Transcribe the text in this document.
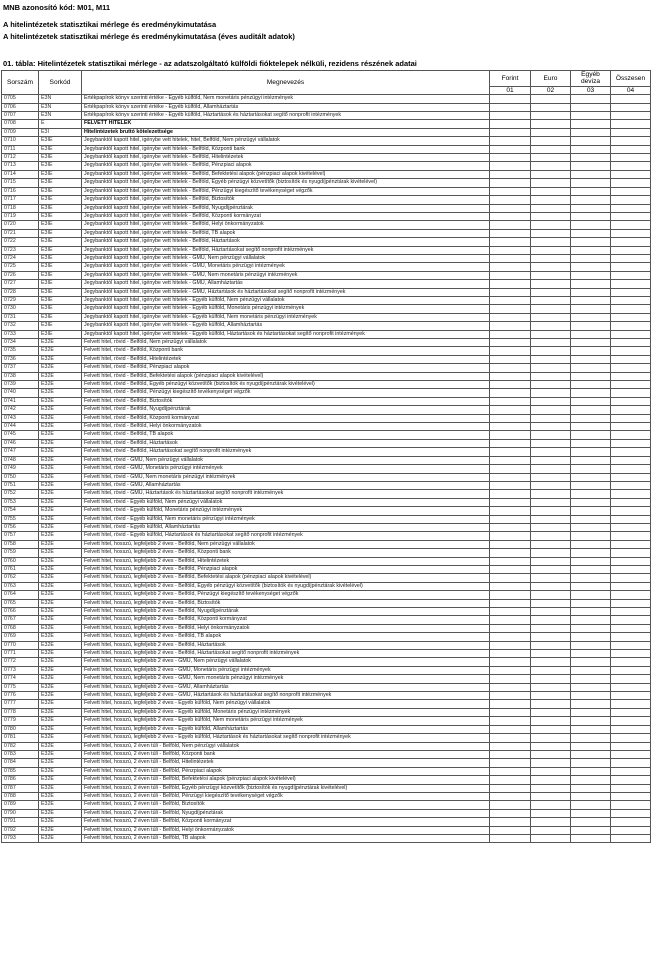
MNB azonosító kód: M01, M11
A hitelintézetek statisztikai mérlege és eredménykimutatása
A hitelintézetek statisztikai mérlege és eredménykimutatása (éves auditált adatok)
01. tábla: Hitelintézetek statisztikai mérlege - az adatszolgáltató külföldi fióktelepek nélküli, rezidens részének adatai
Sorszám	Sorkód	Megnevezés	Forint	Euro	Egyéb deviza	Összesen
			01	02	03	04
0705	E3N	Értékpapírok könyv szerinti értéke - Egyéb külföld, Nem monetáris pénzügyi intézmények				
0706	E3N	Értékpapírok könyv szerinti értéke - Egyéb külföld, Államháztartás				
0707	E3N	Értékpapírok könyv szerinti értéke - Egyéb külföld, Háztartások és háztartásokat segítő nonprofit intézmények				
0708	E	FELVETT HITELEK				
0709	E3I	Hitelintézetek bruttó kötelezettsége				
0710	E3IE	Jegybanktól kapott hitel, igénybe vett hitelek, hitel, Belföld, Nem pénzügyi vállalatok				
0711	E3IE	Jegybanktól kapott hitel, igénybe vett hitelek - Belföld, Központi bank				
0712	E3IE	Jegybanktól kapott hitel, igénybe vett hitelek - Belföld, Hitelintézetek				
0713	E3IE	Jegybanktól kapott hitel, igénybe vett hitelek - Belföld, Pénzpiaci alapok				
0714	E3IE	Jegybanktól kapott hitel, igénybe vett hitelek - Belföld, Befektetési alapok (pénzpiaci alapok kivételével)				
0715	E3IE	Jegybanktól kapott hitel, igénybe vett hitelek - Belföld, Egyéb pénzügyi közvetítők (biztosítók és nyugdíjpénztárak kivételével)				
0716	E3IE	Jegybanktól kapott hitel, igénybe vett hitelek - Belföld, Pénzügyi kiegészítő tevékenységet végzők				
0717	E3IE	Jegybanktól kapott hitel, igénybe vett hitelek - Belföld, Biztosítók				
0718	E3IE	Jegybanktól kapott hitel, igénybe vett hitelek - Belföld, Nyugdíjpénztárak				
0719	E3IE	Jegybanktól kapott hitel, igénybe vett hitelek - Belföld, Központi kormányzat				
0720	E3IE	Jegybanktól kapott hitel, igénybe vett hitelek - Belföld, Helyi önkormányzatok				
0721	E3IE	Jegybanktól kapott hitel, igénybe vett hitelek - Belföld, TB alapok				
0722	E3IE	Jegybanktól kapott hitel, igénybe vett hitelek - Belföld, Háztartások				
0723	E3IE	Jegybanktól kapott hitel, igénybe vett hitelek - Belföld, Háztartásokat segítő nonprofit intézmények				
0724	E3IE	Jegybanktól kapott hitel, igénybe vett hitelek - GMU, Nem pénzügyi vállalatok				
0725	E3IE	Jegybanktól kapott hitel, igénybe vett hitelek - GMU, Monetáris pénzügyi intézmények				
0726	E3IE	Jegybanktól kapott hitel, igénybe vett hitelek - GMU, Nem monetáris pénzügyi intézmények				
0727	E3IE	Jegybanktól kapott hitel, igénybe vett hitelek - GMU, Államháztartás				
0728	E3IE	Jegybanktól kapott hitel, igénybe vett hitelek - GMU, Háztartások és háztartásokat segítő nonprofit intézmények				
0729	E3IE	Jegybanktól kapott hitel, igénybe vett hitelek - Egyéb külföld, Nem pénzügyi vállalatok				
0730	E3IE	Jegybanktól kapott hitel, igénybe vett hitelek - Egyéb külföld, Monetáris pénzügyi intézmények				
0731	E3IE	Jegybanktól kapott hitel, igénybe vett hitelek - Egyéb külföld, Nem monetáris pénzügyi intézmények				
0732	E3IE	Jegybanktól kapott hitel, igénybe vett hitelek - Egyéb külföld, Államháztartás				
0733	E3IE	Jegybanktól kapott hitel, igénybe vett hitelek - Egyéb külföld, Háztartások és háztartásokat segítő nonprofit intézmények				
0734	E32E	Felvett hitel, rövid - Belföld, Nem pénzügyi vállalatok				
0735	E32E	Felvett hitel, rövid - Belföld, Központi bank				
0736	E32E	Felvett hitel, rövid - Belföld, Hitelintézetek				
0737	E32E	Felvett hitel, rövid - Belföld, Pénzpiaci alapok				
0738	E32E	Felvett hitel, rövid - Belföld, Befektetési alapok (pénzpiaci alapok kivételével)				
0739	E32E	Felvett hitel, rövid - Belföld, Egyéb pénzügyi közvetítők (biztosítók és nyugdíjpénztárak kivételével)				
0740	E32E	Felvett hitel, rövid - Belföld, Pénzügyi kiegészítő tevékenységet végzők				
0741	E32E	Felvett hitel, rövid - Belföld, Biztosítók				
0742	E32E	Felvett hitel, rövid - Belföld, Nyugdíjpénztárak				
0743	E32E	Felvett hitel, rövid - Belföld, Központi kormányzat				
0744	E32E	Felvett hitel, rövid - Belföld, Helyi önkormányzatok				
0745	E32E	Felvett hitel, rövid - Belföld, TB alapok				
0746	E32E	Felvett hitel, rövid - Belföld, Háztartások				
0747	E32E	Felvett hitel, rövid - Belföld, Háztartásokat segítő nonprofit intézmények				
0748	E32E	Felvett hitel, rövid - GMU, Nem pénzügyi vállalatok				
0749	E32E	Felvett hitel, rövid - GMU, Monetáris pénzügyi intézmények				
0750	E32E	Felvett hitel, rövid - GMU, Nem monetáris pénzügyi intézmények				
0751	E32E	Felvett hitel, rövid - GMU, Államháztartás				
0752	E32E	Felvett hitel, rövid - GMU, Háztartások és háztartásokat segítő nonprofit intézmények				
0753	E32E	Felvett hitel, rövid - Egyéb külföld, Nem pénzügyi vállalatok				
0754	E32E	Felvett hitel, rövid - Egyéb külföld, Monetáris pénzügyi intézmények				
0755	E32E	Felvett hitel, rövid - Egyéb külföld, Nem monetáris pénzügyi intézmények				
0756	E32E	Felvett hitel, rövid - Egyéb külföld, Államháztartás				
0757	E32E	Felvett hitel, rövid - Egyéb külföld, Háztartások és háztartásokat segítő nonprofit intézmények				
0758	E32E	Felvett hitel, hosszú, legfeljebb 2 éves - Belföld, Nem pénzügyi vállalatok				
0759	E32E	Felvett hitel, hosszú, legfeljebb 2 éves - Belföld, Központi bank				
0760	E32E	Felvett hitel, hosszú, legfeljebb 2 éves - Belföld, Hitelintézetek				
0761	E32E	Felvett hitel, hosszú, legfeljebb 2 éves - Belföld, Pénzpiaci alapok				
0762	E32E	Felvett hitel, hosszú, legfeljebb 2 éves - Belföld, Befektetési alapok (pénzpiaci alapok kivételével)				
0763	E32E	Felvett hitel, hosszú, legfeljebb 2 éves - Belföld, Egyéb pénzügyi közvetítők (biztosítók és nyugdíjpénztárak kivételével)				
0764	E32E	Felvett hitel, hosszú, legfeljebb 2 éves - Belföld, Pénzügyi kiegészítő tevékenységet végzők				
0765	E32E	Felvett hitel, hosszú, legfeljebb 2 éves - Belföld, Biztosítók				
0766	E32E	Felvett hitel, hosszú, legfeljebb 2 éves - Belföld, Nyugdíjpénztárak				
0767	E32E	Felvett hitel, hosszú, legfeljebb 2 éves - Belföld, Központi kormányzat				
0768	E32E	Felvett hitel, hosszú, legfeljebb 2 éves - Belföld, Helyi önkormányzatok				
0769	E32E	Felvett hitel, hosszú, legfeljebb 2 éves - Belföld, TB alapok				
0770	E32E	Felvett hitel, hosszú, legfeljebb 2 éves - Belföld, Háztartások				
0771	E32E	Felvett hitel, hosszú, legfeljebb 2 éves - Belföld, Háztartásokat segítő nonprofit intézmények				
0772	E32E	Felvett hitel, hosszú, legfeljebb 2 éves - GMU, Nem pénzügyi vállalatok				
0773	E32E	Felvett hitel, hosszú, legfeljebb 2 éves - GMU, Monetáris pénzügyi intézmények				
0774	E32E	Felvett hitel, hosszú, legfeljebb 2 éves - GMU, Nem monetáris pénzügyi intézmények				
0775	E32E	Felvett hitel, hosszú, legfeljebb 2 éves - GMU, Államháztartás				
0776	E32E	Felvett hitel, hosszú, legfeljebb 2 éves - GMU, Háztartások és háztartásokat segítő nonprofit intézmények				
0777	E32E	Felvett hitel, hosszú, legfeljebb 2 éves - Egyéb külföld, Nem pénzügyi vállalatok				
0778	E32E	Felvett hitel, hosszú, legfeljebb 2 éves - Egyéb külföld, Monetáris pénzügyi intézmények				
0779	E32E	Felvett hitel, hosszú, legfeljebb 2 éves - Egyéb külföld, Nem monetáris pénzügyi intézmények				
0780	E32E	Felvett hitel, hosszú, legfeljebb 2 éves - Egyéb külföld, Államháztartás				
0781	E32E	Felvett hitel, hosszú, legfeljebb 2 éves - Egyéb külföld, Háztartások és háztartásokat segítő nonprofit intézmények				
0782	E32E	Felvett hitel, hosszú, 2 éven túli - Belföld, Nem pénzügyi vállalatok				
0783	E32E	Felvett hitel, hosszú, 2 éven túli - Belföld, Központi bank				
0784	E32E	Felvett hitel, hosszú, 2 éven túli - Belföld, Hitelintézetek				
0785	E32E	Felvett hitel, hosszú, 2 éven túli - Belföld, Pénzpiaci alapok				
0786	E32E	Felvett hitel, hosszú, 2 éven túli - Belföld, Befektetési alapok (pénzpiaci alapok kivételével)				
0787	E32E	Felvett hitel, hosszú, 2 éven túli - Belföld, Egyéb pénzügyi közvetítők (biztosítók és nyugdíjpénztárak kivételével)				
0788	E32E	Felvett hitel, hosszú, 2 éven túli - Belföld, Pénzügyi kiegészítő tevékenységet végzők				
0789	E32E	Felvett hitel, hosszú, 2 éven túli - Belföld, Biztosítók				
0790	E32E	Felvett hitel, hosszú, 2 éven túli - Belföld, Nyugdíjpénztárak				
0791	E32E	Felvett hitel, hosszú, 2 éven túli - Belföld, Központi kormányzat				
0792	E32E	Felvett hitel, hosszú, 2 éven túli - Belföld, Helyi önkormányzatok				
0793	E32E	Felvett hitel, hosszú, 2 éven túli - Belföld, TB alapok				
